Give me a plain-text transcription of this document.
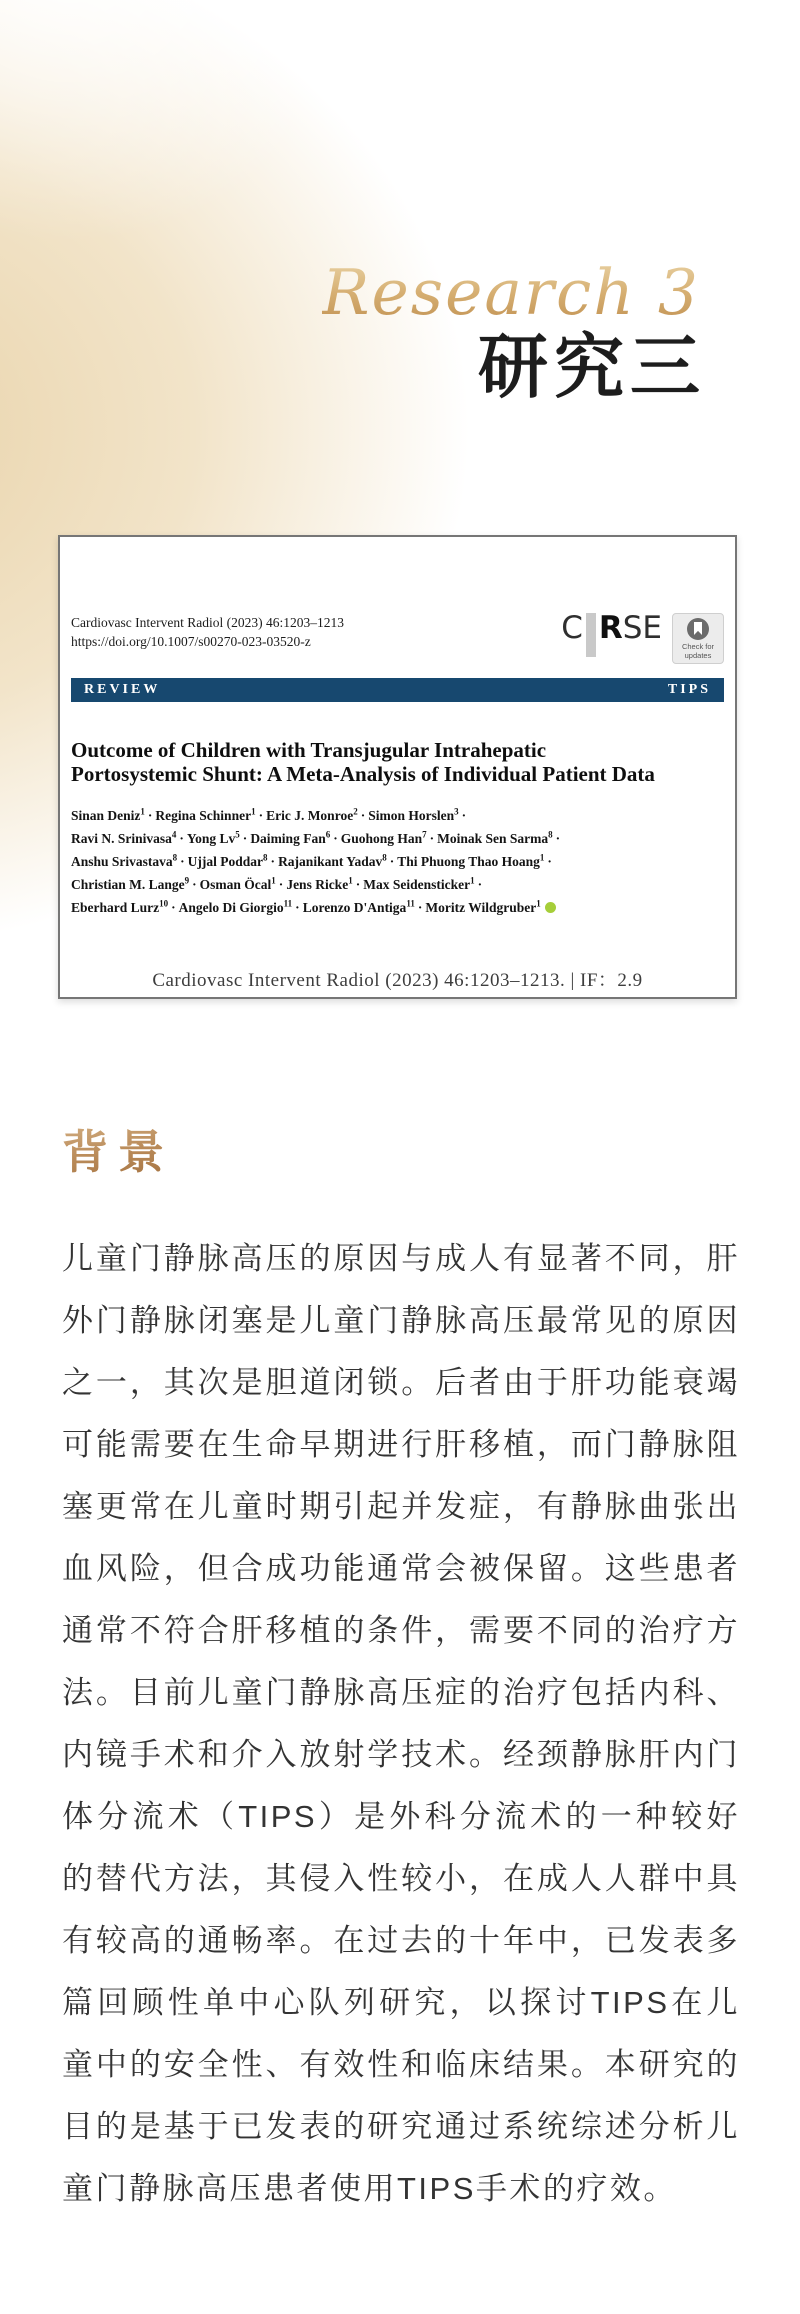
Research 3
研究三
Cardiovasc Intervent Radiol (2023) 46:1203–1213
https://doi.org/10.1007/s00270-023-03520-z	C R SE
Check for
updates
REVIEW	TIPS
Outcome of Children with Transjugular Intrahepatic
Portosystemic Shunt: A Meta-Analysis of Individual Patient Data
Sinan Deniz$^1$ · Regina Schinner$^1$ · Eric J. Monroe$^2$ · Simon Horslen$^3$ ·
Ravi N. Srinivasa$^4$ · Yong $Lv^5 \cdot Daiming$ Fan$^6$ · Guohong Han$^7$ · Moinak Sen Sarma$^8$ ·
Anshu Srivastava$^8$ · Ujjal Poddar$^8$ · Rajanikant Yadav$^8$ · Thi Phuong Thao Hoang$^1$ ·
Christian M. Lange$^9$ · Osman Öcal$^1$ · Jens Ricke$^1$ · Max Seidensticker$^1$ ·
Eberhard Lurz$^{10}$ · Angelo Di Giorgio$^{11}$ · Lorenzo D'Antiga$^{11}$ · Moritz Wildgruber$^1$
Cardiovasc Intervent Radiol (2023) 46:1203–1213. | IF：2.9
背景
儿童门静脉高压的原因与成人有显著不同，肝外门静脉闭塞是儿童门静脉高压最常见的原因之一，其次是胆道闭锁。后者由于肝功能衰竭可能需要在生命早期进行肝移植，而门静脉阻塞更常在儿童时期引起并发症，有静脉曲张出血风险，但合成功能通常会被保留。这些患者通常不符合肝移植的条件，需要不同的治疗方法。目前儿童门静脉高压症的治疗包括内科、内镜手术和介入放射学技术。经颈静脉肝内门体分流术（TIPS）是外科分流术的一种较好的替代方法，其侵入性较小，在成人人群中具有较高的通畅率。在过去的十年中，已发表多篇回顾性单中心队列研究，以探讨TIPS在儿童中的安全性、有效性和临床结果。本研究的目的是基于已发表的研究通过系统综述分析儿童门静脉高压患者使用TIPS手术的疗效。
